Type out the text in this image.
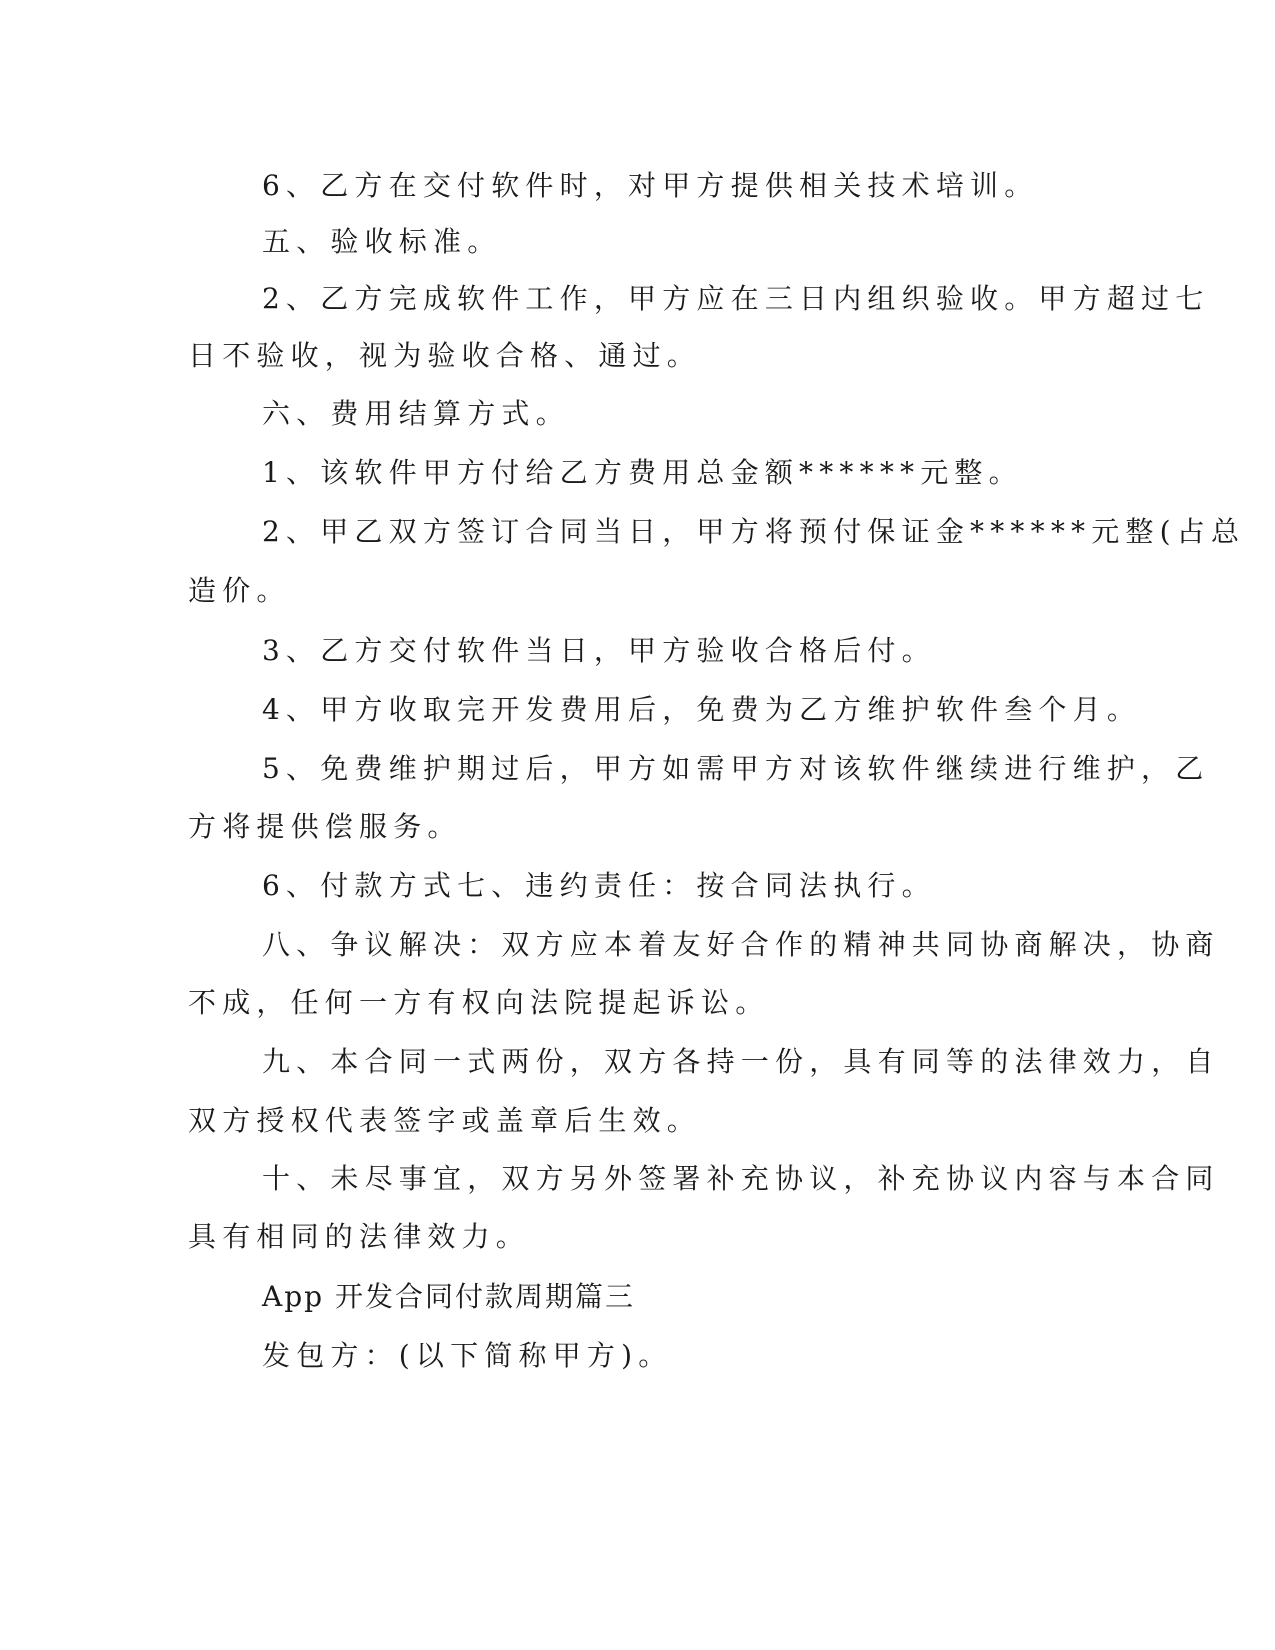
6、乙方在交付软件时，对甲方提供相关技术培训。

五、验收标准。

2、乙方完成软件工作，甲方应在三日内组织验收。甲方超过七

日不验收，视为验收合格、通过。

六、费用结算方式。

1、该软件甲方付给乙方费用总金额******元整。

2、甲乙双方签订合同当日，甲方将预付保证金******元整(占总

造价。

3、乙方交付软件当日，甲方验收合格后付。

4、甲方收取完开发费用后，免费为乙方维护软件叁个月。

5、免费维护期过后，甲方如需甲方对该软件继续进行维护，乙

方将提供偿服务。

6、付款方式七、违约责任：按合同法执行。

八、争议解决：双方应本着友好合作的精神共同协商解决，协商

不成，任何一方有权向法院提起诉讼。

九、本合同一式两份，双方各持一份，具有同等的法律效力，自

双方授权代表签字或盖章后生效。

十、未尽事宜，双方另外签署补充协议，补充协议内容与本合同

具有相同的法律效力。

App 开发合同付款周期篇三

发包方：(以下简称甲方)。
